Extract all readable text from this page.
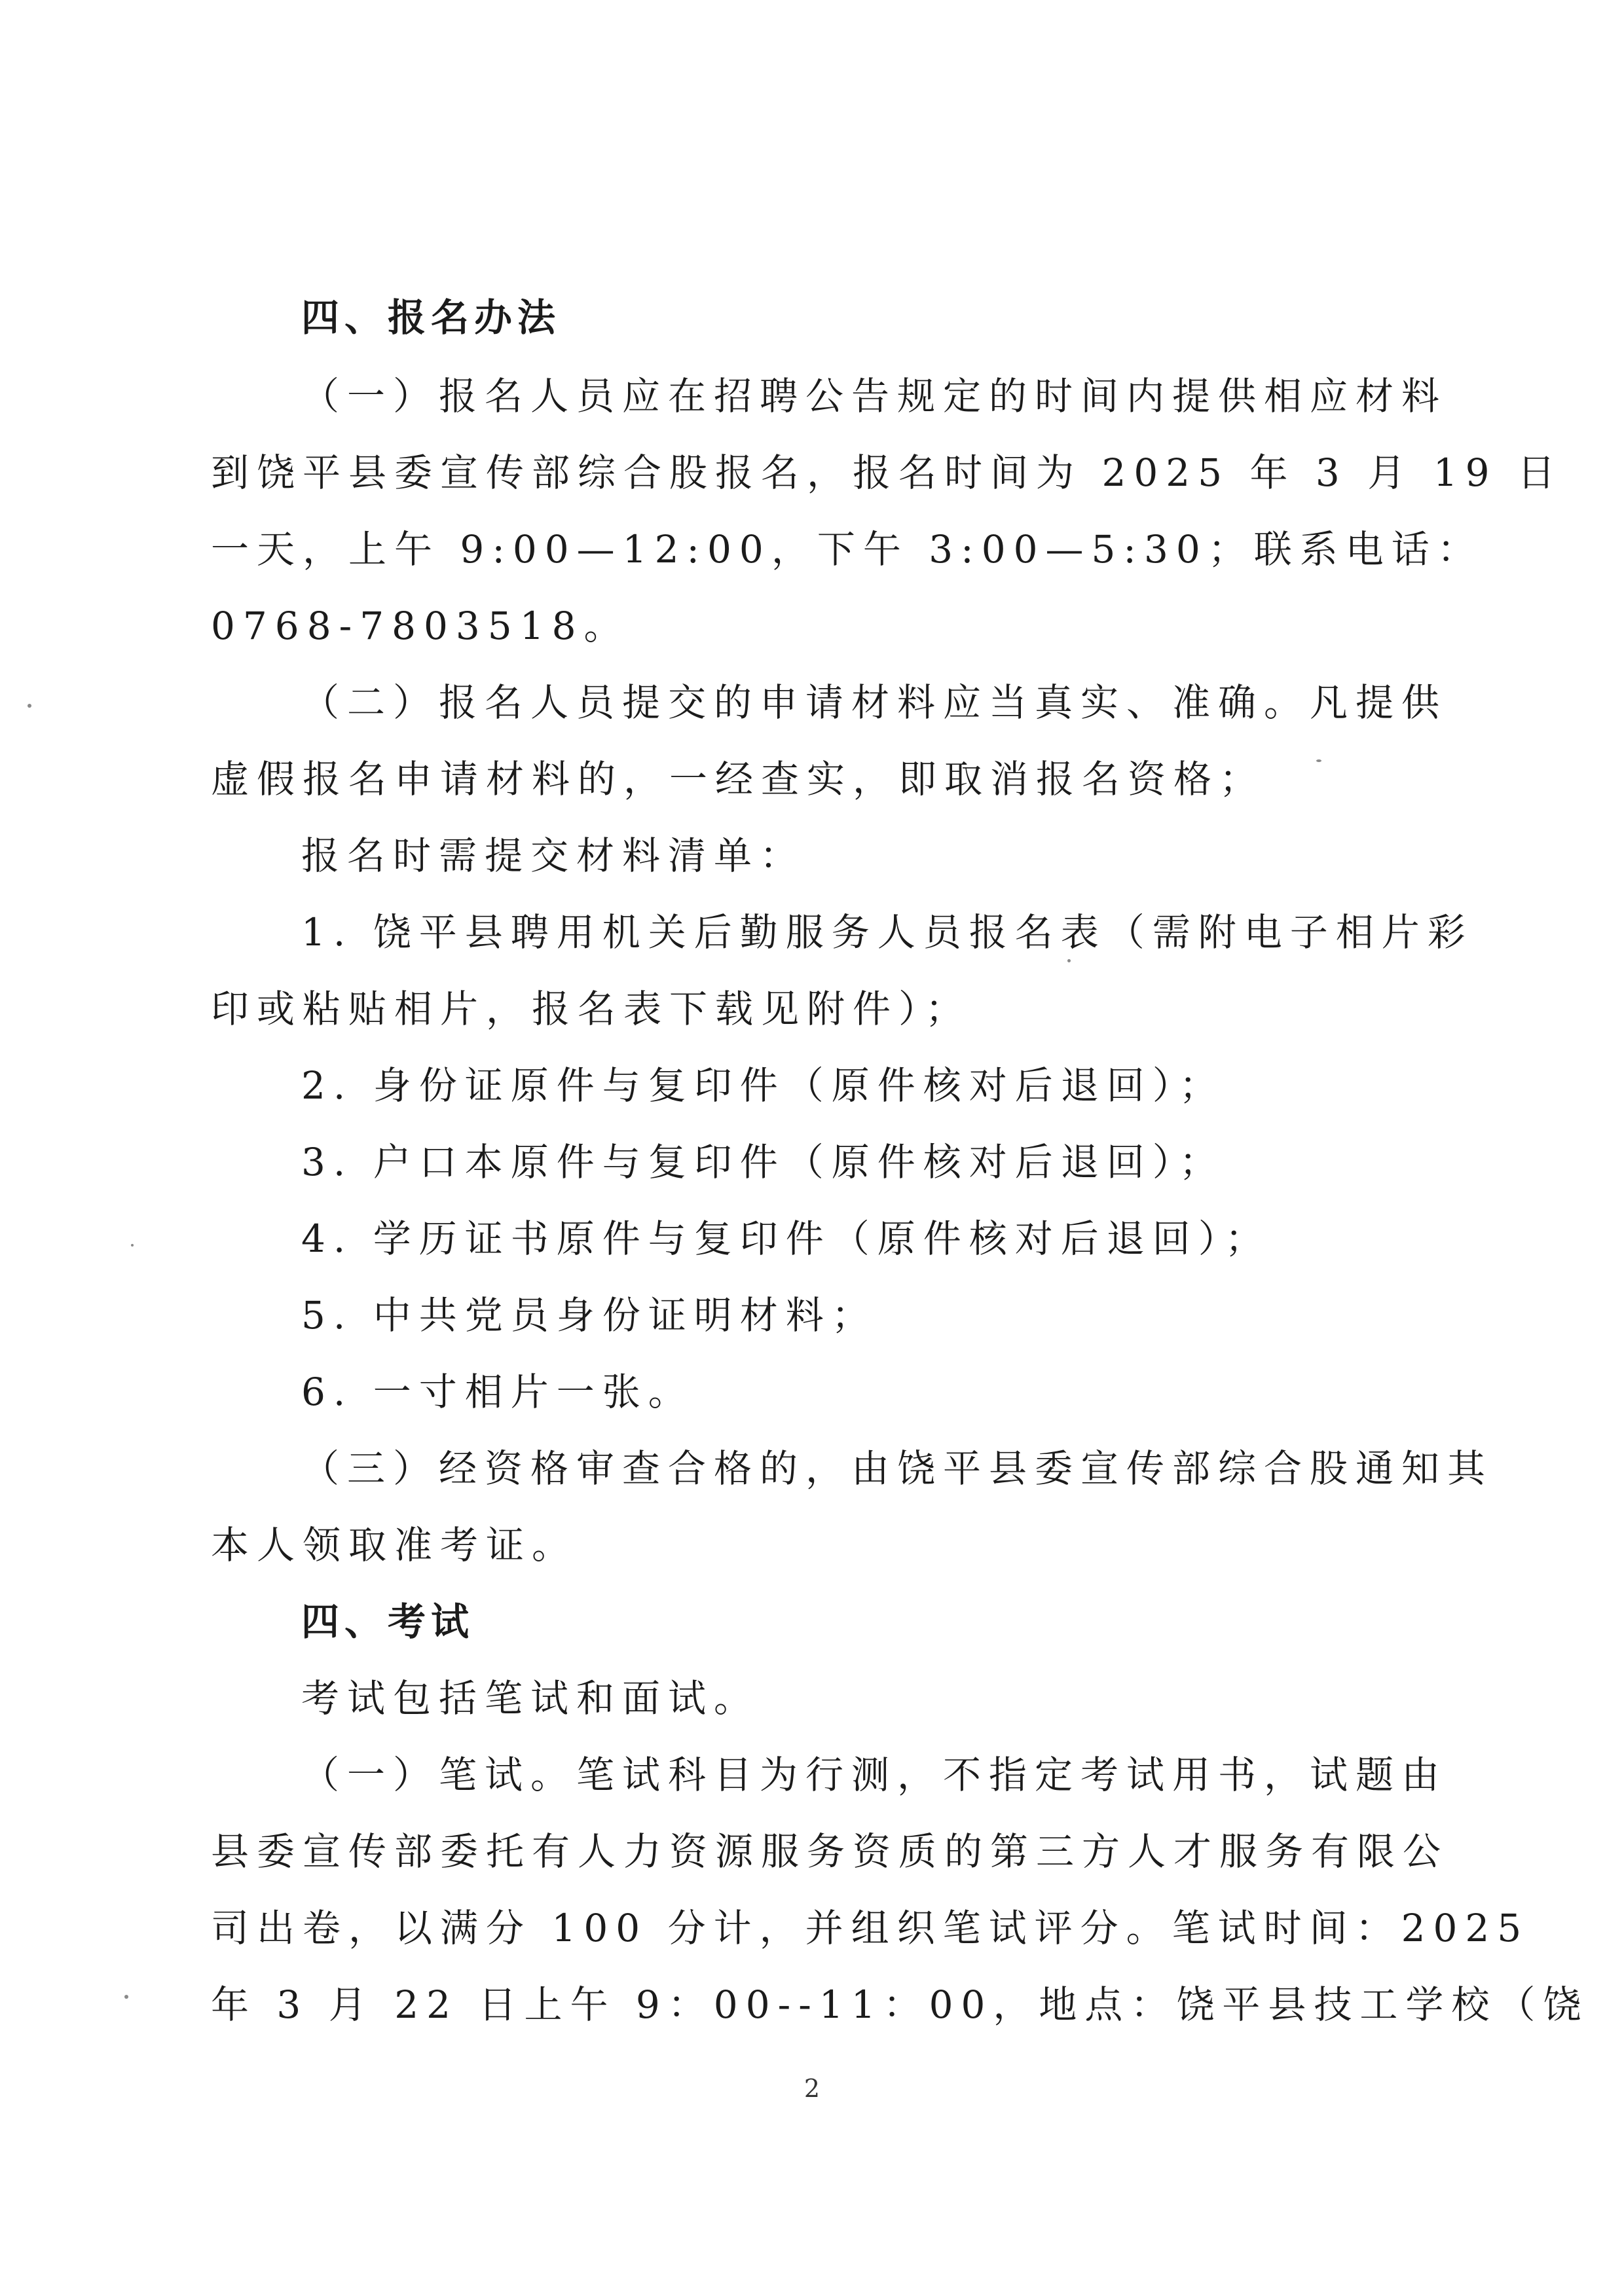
四、报名办法
（一）报名人员应在招聘公告规定的时间内提供相应材料
到饶平县委宣传部综合股报名，报名时间为 2025 年 3 月 19 日
一天，上午 9:00—12:00，下午 3:00—5:30；联系电话：
0768-7803518。
（二）报名人员提交的申请材料应当真实、准确。凡提供
虚假报名申请材料的，一经查实，即取消报名资格；
报名时需提交材料清单：
1. 饶平县聘用机关后勤服务人员报名表（需附电子相片彩
印或粘贴相片，报名表下载见附件）；
2. 身份证原件与复印件（原件核对后退回）；
3. 户口本原件与复印件（原件核对后退回）；
4. 学历证书原件与复印件（原件核对后退回）；
5. 中共党员身份证明材料；
6. 一寸相片一张。
（三）经资格审查合格的，由饶平县委宣传部综合股通知其
本人领取准考证。
四、考试
考试包括笔试和面试。
（一）笔试。笔试科目为行测，不指定考试用书，试题由
县委宣传部委托有人力资源服务资质的第三方人才服务有限公
司出卷，以满分 100 分计，并组织笔试评分。笔试时间：2025
年 3 月 22 日上午 9：00--11：00，地点：饶平县技工学校（饶
2
